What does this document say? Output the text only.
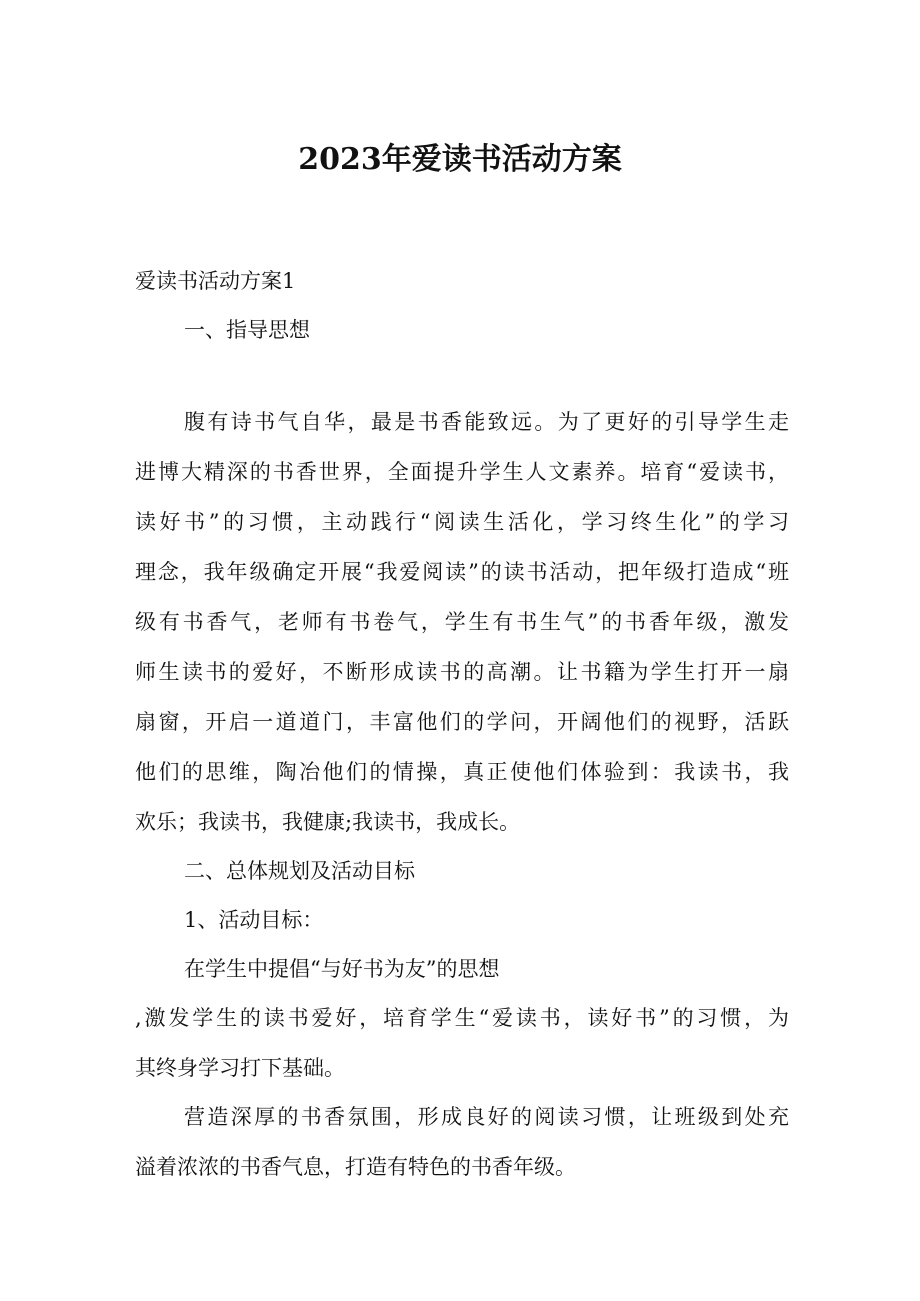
2023年爱读书活动方案
爱读书活动方案1
一、指导思想
腹有诗书气自华，最是书香能致远。为了更好的引导学生走
进博大精深的书香世界，全面提升学生人文素养。培育“爱读书，
读好书”的习惯，主动践行“阅读生活化，学习终生化”的学习
理念，我年级确定开展“我爱阅读”的读书活动，把年级打造成“班
级有书香气，老师有书卷气，学生有书生气”的书香年级，激发
师生读书的爱好，不断形成读书的高潮。让书籍为学生打开一扇
扇窗，开启一道道门，丰富他们的学问，开阔他们的视野，活跃
他们的思维，陶冶他们的情操，真正使他们体验到：我读书，我
欢乐；我读书，我健康;我读书，我成长。
二、总体规划及活动目标
1、活动目标：
在学生中提倡“与好书为友”的思想
,激发学生的读书爱好，培育学生“爱读书，读好书”的习惯，为
其终身学习打下基础。
营造深厚的书香氛围，形成良好的阅读习惯，让班级到处充
溢着浓浓的书香气息，打造有特色的书香年级。
